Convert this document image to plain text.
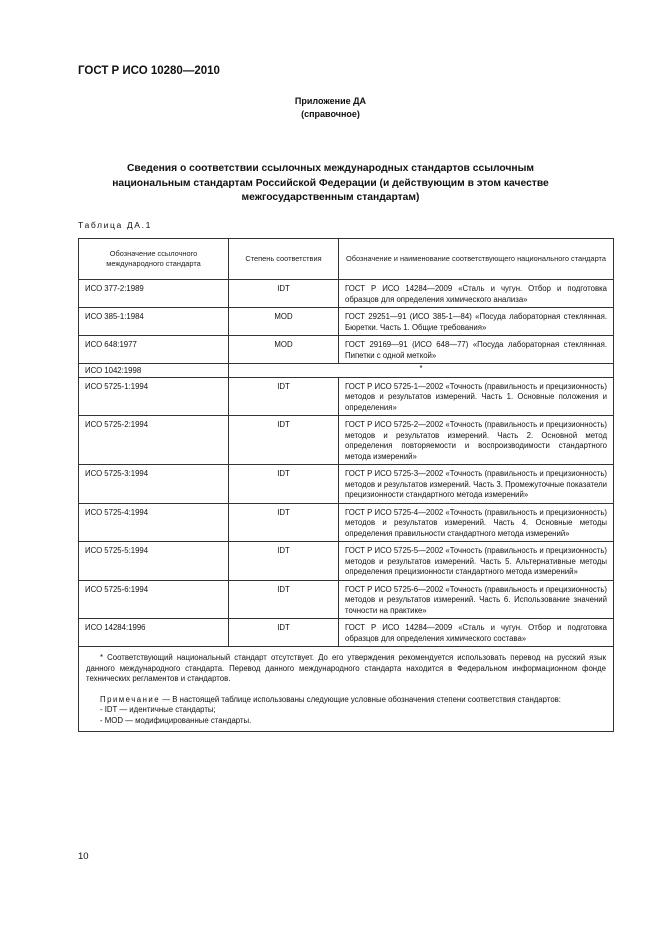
ГОСТ Р ИСО 10280—2010
Приложение ДА
(справочное)
Сведения о соответствии ссылочных международных стандартов ссылочным
национальным стандартам Российской Федерации (и действующим в этом качестве
межгосударственным стандартам)
Таблица ДА.1
Обозначение ссылочного международного стандарта	Степень соответствия	Обозначение и наименование соответствующего национального стандарта
ИСО 377-2:1989	IDT	ГОСТ Р ИСО 14284—2009 «Сталь и чугун. Отбор и подготовка образцов для определения химического анализа»
ИСО 385-1:1984	MOD	ГОСТ 29251—91 (ИСО 385-1—84) «Посуда лабораторная стеклянная. Бюретки. Часть 1. Общие требования»
ИСО 648:1977	MOD	ГОСТ 29169—91 (ИСО 648—77) «Посуда лабораторная стеклянная. Пипетки с одной меткой»
ИСО 1042:1998	*	
ИСО 5725-1:1994	IDT	ГОСТ Р ИСО 5725-1—2002 «Точность (правильность и прецизионность) методов и результатов измерений. Часть 1. Основные положения и определения»
ИСО 5725-2:1994	IDT	ГОСТ Р ИСО 5725-2—2002 «Точность (правильность и прецизионность) методов и результатов измерений. Часть 2. Основной метод определения повторяемости и воспроизводимости стандартного метода измерений»
ИСО 5725-3:1994	IDT	ГОСТ Р ИСО 5725-3—2002 «Точность (правильность и прецизионность) методов и результатов измерений. Часть 3. Промежуточные показатели прецизионности стандартного метода измерений»
ИСО 5725-4:1994	IDT	ГОСТ Р ИСО 5725-4—2002 «Точность (правильность и прецизионность) методов и результатов измерений. Часть 4. Основные методы определения правильности стандартного метода измерений»
ИСО 5725-5:1994	IDT	ГОСТ Р ИСО 5725-5—2002 «Точность (правильность и прецизионность) методов и результатов измерений. Часть 5. Альтернативные методы определения прецизионности стандартного метода измерений»
ИСО 5725-6:1994	IDT	ГОСТ Р ИСО 5725-6—2002 «Точность (правильность и прецизионность) методов и результатов измерений. Часть 6. Использование значений точности на практике»
ИСО 14284:1996	IDT	ГОСТ Р ИСО 14284—2009 «Сталь и чугун. Отбор и подготовка образцов для определения химического состава»

* Соответствующий национальный стандарт отсутствует. До его утверждения рекомендуется использовать перевод на русский язык данного международного стандарта. Перевод данного международного стандарта находится в Федеральном информационном фонде технических регламентов и стандартов.

Примечание — В настоящей таблице использованы следующие условные обозначения степени соответствия стандартов:

- IDT — идентичные стандарты;

- MOD — модифицированные стандарты.		

10
